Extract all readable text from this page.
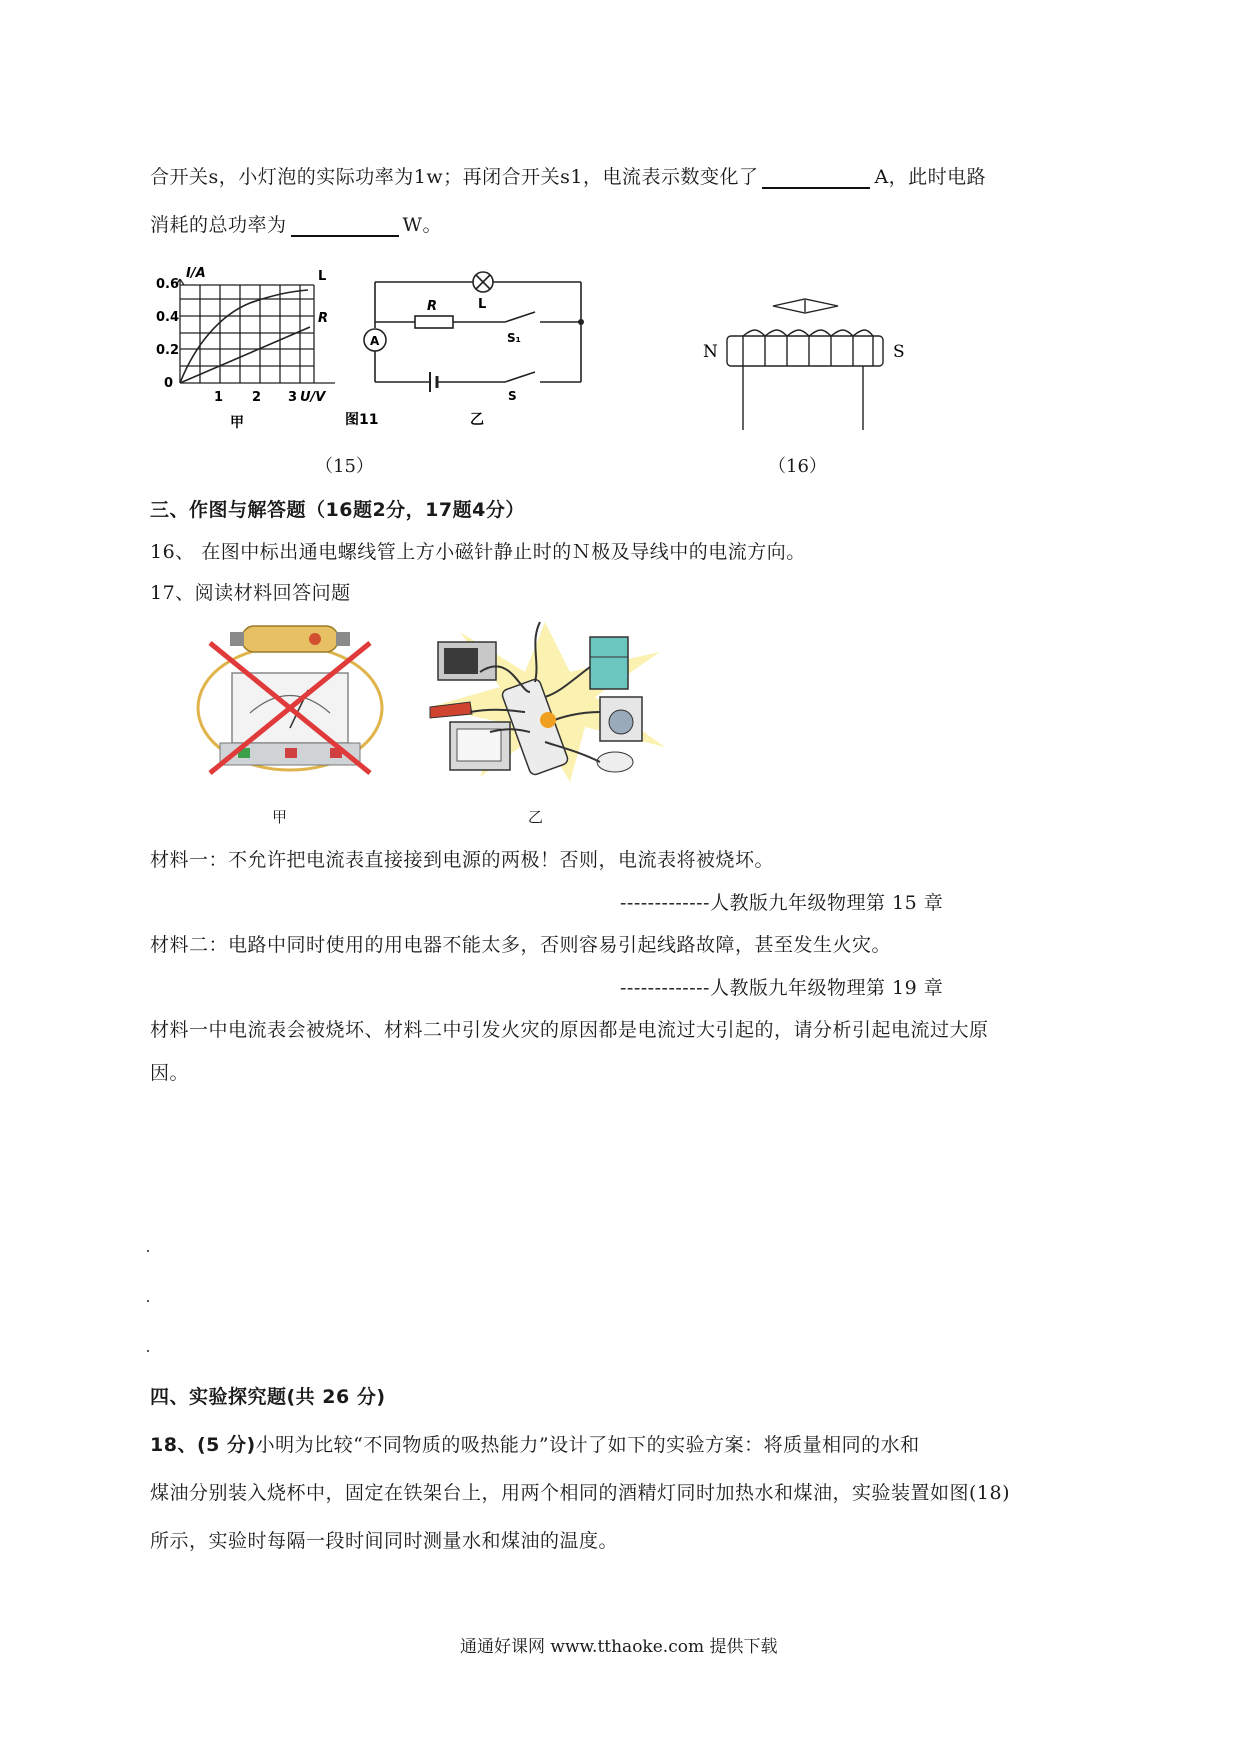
合开关s，小灯泡的实际功率为1w；再闭合开关s1，电流表示数变化了	A，此时电路
消耗的总功率为	W。
0.6
0.4
0.2
0
I/A
1 2 3 U/V
L
R
甲
L
R
A	S₁
S
图11	乙
N	S
（15）	（16）
三、作图与解答题（16题2分，17题4分）
16、 在图中标出通电螺线管上方小磁针静止时的Ｎ极及导线中的电流方向。
17、阅读材料回答问题
甲	乙
材料一：不允许把电流表直接接到电源的两极！否则，电流表将被烧坏。
-------------人教版九年级物理第 15 章
材料二：电路中同时使用的用电器不能太多，否则容易引起线路故障，甚至发生火灾。
-------------人教版九年级物理第 19 章
材料一中电流表会被烧坏、材料二中引发火灾的原因都是电流过大引起的，请分析引起电流过大原
因。
四、实验探究题(共 26 分)
18、(5 分)小明为比较“不同物质的吸热能力”设计了如下的实验方案：将质量相同的水和
煤油分别装入烧杯中，固定在铁架台上，用两个相同的酒精灯同时加热水和煤油，实验装置如图(18)
所示，实验时每隔一段时间同时测量水和煤油的温度。
通通好课网 www.tthaoke.com 提供下载
